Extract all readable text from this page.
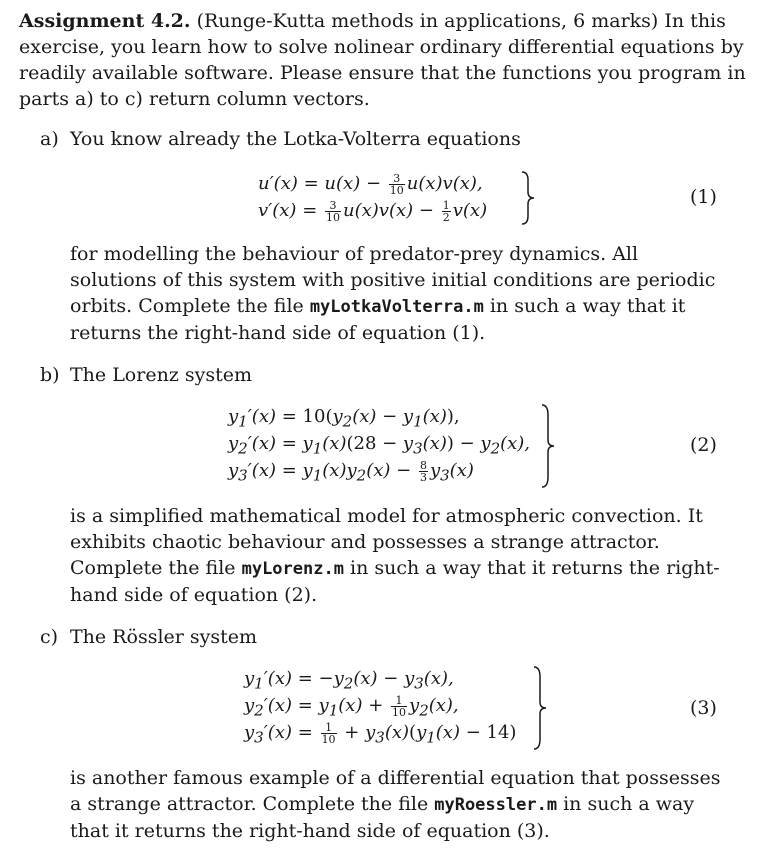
Assignment 4.2. (Runge-Kutta methods in applications, 6 marks) In this exercise, you learn how to solve nolinear ordinary differential equations by readily available software. Please ensure that the functions you program in parts a) to c) return column vectors.
a) You know already the Lotka-Volterra equations
$u'(x) = u(x) - \frac{3}{10} u(x)v(x)$,
$v'(x) = \frac{3}{10} u(x)v(x) - \frac{1}{2} v(x)$
(1)
for modelling the behaviour of predator-prey dynamics. All solutions of this system with positive initial conditions are periodic orbits. Complete the file myLotkaVolterra.m in such a way that it returns the right-hand side of equation (1).
b) The Lorenz system
$y_1'(x) = 10(y_2(x) - y_1(x))$,
$y_2'(x) = y_1(x)(28 - y_3(x)) - y_2(x)$,
$y_3'(x) = y_1(x)y_2(x) - \frac{8}{3} y_3(x)$
(2)
is a simplified mathematical model for atmospheric convection. It exhibits chaotic behaviour and possesses a strange attractor. Complete the file myLorenz.m in such a way that it returns the right-hand side of equation (2).
c) The Rössler system
$y_1'(x) = -y_2(x) - y_3(x)$,
$y_2'(x) = y_1(x) + \frac{1}{10} y_2(x)$,
$y_3'(x) = \frac{1}{10} + y_3(x)(y_1(x) - 14)$
(3)
is another famous example of a differential equation that possesses a strange attractor. Complete the file myRoessler.m in such a way that it returns the right-hand side of equation (3).
